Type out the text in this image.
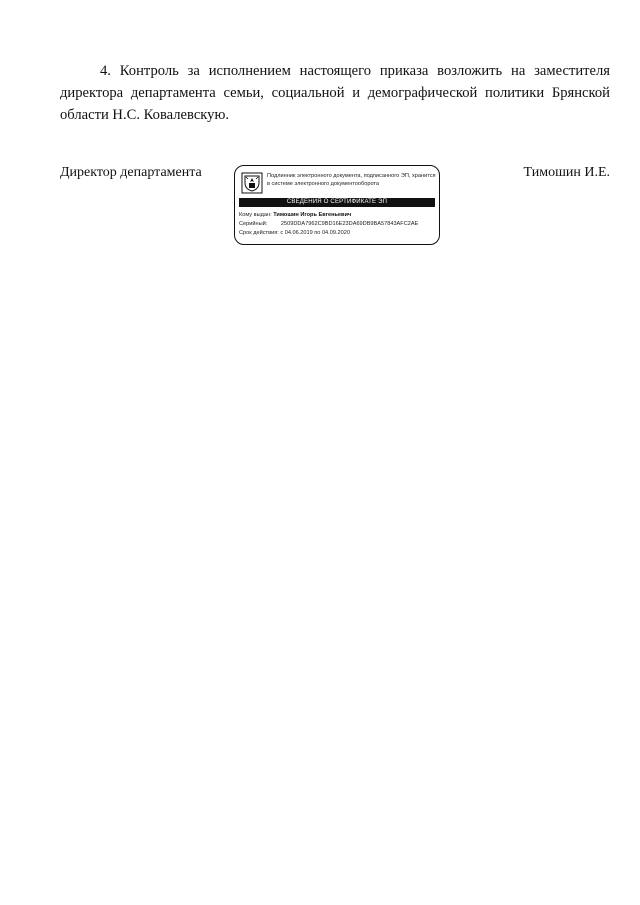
4. Контроль за исполнением настоящего приказа возложить на заместителя директора департамента семьи, социальной и демографической политики Брянской области Н.С. Ковалевскую.

Директор департамента	Подлинник электронного документа, подписанного ЭП, хранится в системе электронного документооборота
СВЕДЕНИЯ О СЕРТИФИКАТЕ ЭП
Кому выдан: Тимошин Игорь Евгеньевич
Серийный: 2509DDA7962C9BD16E23DA69DB9BA57843AFC2AE
Срок действия: с 04.06.2019 по 04.09.2020
Тимошин И.Е.
